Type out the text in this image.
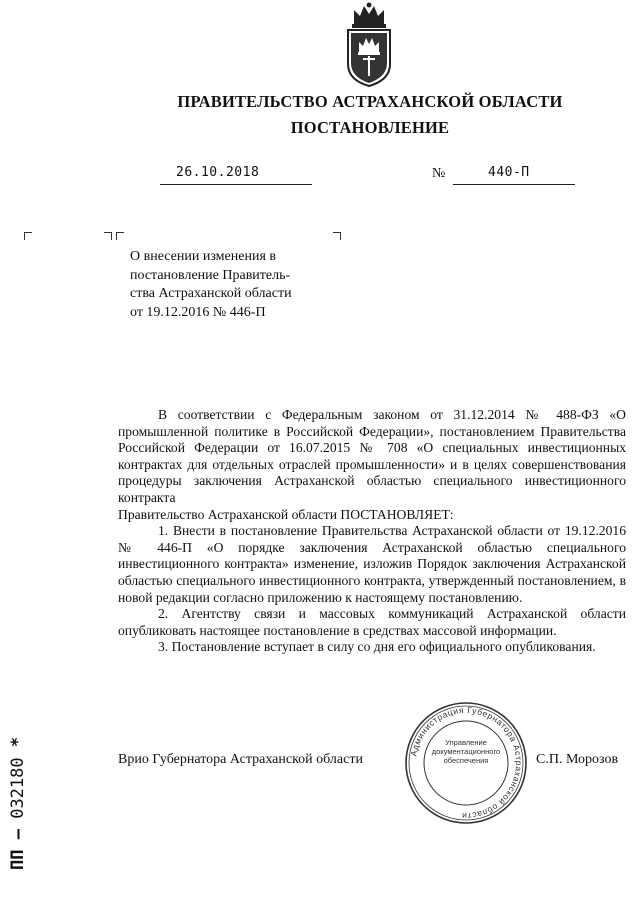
ПРАВИТЕЛЬСТВО АСТРАХАНСКОЙ ОБЛАСТИ
ПОСТАНОВЛЕНИЕ
26.10.2018	№	440-П
О внесении изменения в
постановление Правитель-
ства Астраханской области
от 19.12.2016 № 446-П

В соответствии с Федеральным законом от 31.12.2014 № 488-ФЗ «О промышленной политике в Российской Федерации», постановлением Правительства Российской Федерации от 16.07.2015 № 708 «О специальных инвестиционных контрактах для отдельных отраслей промышленности» и в целях совершенствования процедуры заключения Астраханской областью специального инвестиционного контракта

Правительство Астраханской области ПОСТАНОВЛЯЕТ:

1. Внести в постановление Правительства Астраханской области от 19.12.2016 № 446-П «О порядке заключения Астраханской областью специального инвестиционного контракта» изменение, изложив Порядок заключения Астраханской областью специального инвестиционного контракта, утвержденный постановлением, в новой редакции согласно приложению к настоящему постановлению.

2. Агентству связи и массовых коммуникаций Астраханской области опубликовать настоящее постановление в средствах массовой информации.

3. Постановление вступает в силу со дня его официального опубликования.

Врио Губернатора Астраханской области	С.П. Морозов
Администрация Губернатора Астраханской области
Управление
документационного
обеспечения
ПП – 032180 *
